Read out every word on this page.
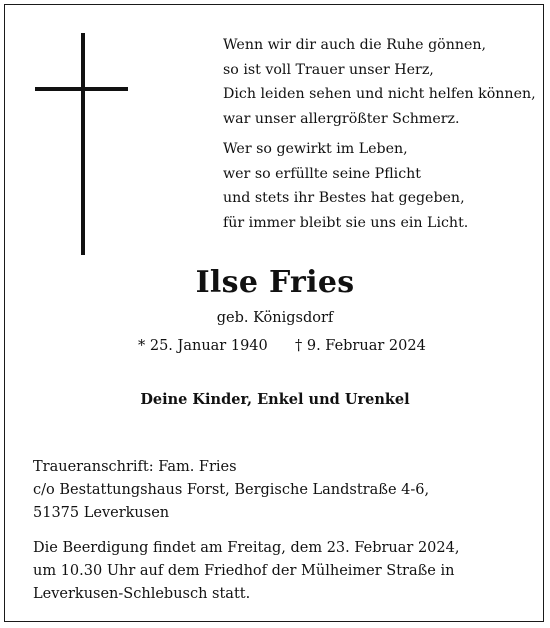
Wenn wir dir auch die Ruhe gönnen,
so ist voll Trauer unser Herz,
Dich leiden sehen und nicht helfen können,
war unser allergrößter Schmerz.
Wer so gewirkt im Leben,
wer so erfüllte seine Pflicht
und stets ihr Bestes hat gegeben,
für immer bleibt sie uns ein Licht.
Ilse Fries
geb. Königsdorf
* 25. Januar 1940 † 9. Februar 2024
Deine Kinder, Enkel und Urenkel
Traueranschrift: Fam. Fries
c/o Bestattungshaus Forst, Bergische Landstraße 4-6,
51375 Leverkusen
Die Beerdigung findet am Freitag, dem 23. Februar 2024,
um 10.30 Uhr auf dem Friedhof der Mülheimer Straße in
Leverkusen-Schlebusch statt.
